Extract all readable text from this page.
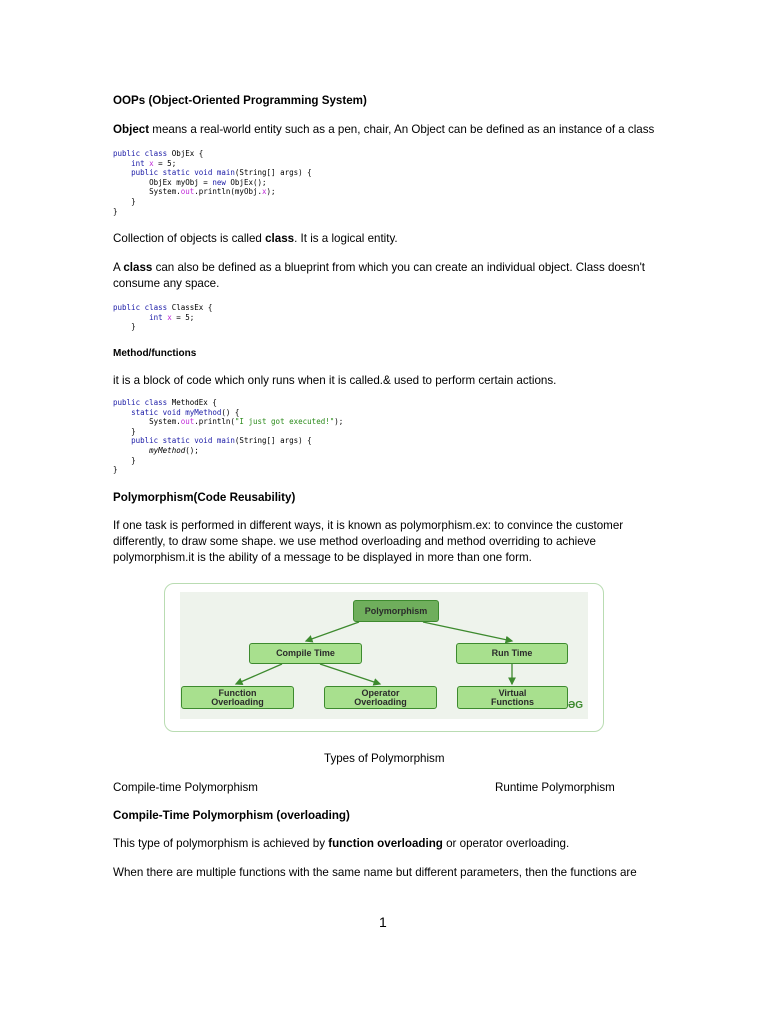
OOPs (Object-Oriented Programming System)
Object means a real-world entity such as a pen, chair, An Object can be defined as an instance of a class
public class ObjEx {
int x = 5;
public static void main(String[] args) {
ObjEx myObj = new ObjEx();
System.out.println(myObj.x);
}
}
Collection of objects is called class. It is a logical entity.
A class can also be defined as a blueprint from which you can create an individual object. Class doesn't consume any space.
public class ClassEx {
int x = 5;
}
Method/functions
it is a block of code which only runs when it is called.& used to perform certain actions.
public class MethodEx {
static void myMethod() {
System.out.println("I just got executed!");
}
public static void main(String[] args) {
myMethod();
}
}
Polymorphism(Code Reusability)
If one task is performed in different ways, it is known as polymorphism.ex: to convince the customer differently, to draw some shape. we use method overloading and method overriding to achieve polymorphism.it is the ability of a message to be displayed in more than one form.
Polymorphism
Compile Time	Run Time
Function
Overloading
Operator
Overloading
Virtual
Functions	ƏG
Types of Polymorphism
Compile-time Polymorphism	Runtime Polymorphism
Compile-Time Polymorphism (overloading)
This type of polymorphism is achieved by function overloading or operator overloading.
When there are multiple functions with the same name but different parameters, then the functions are
1
